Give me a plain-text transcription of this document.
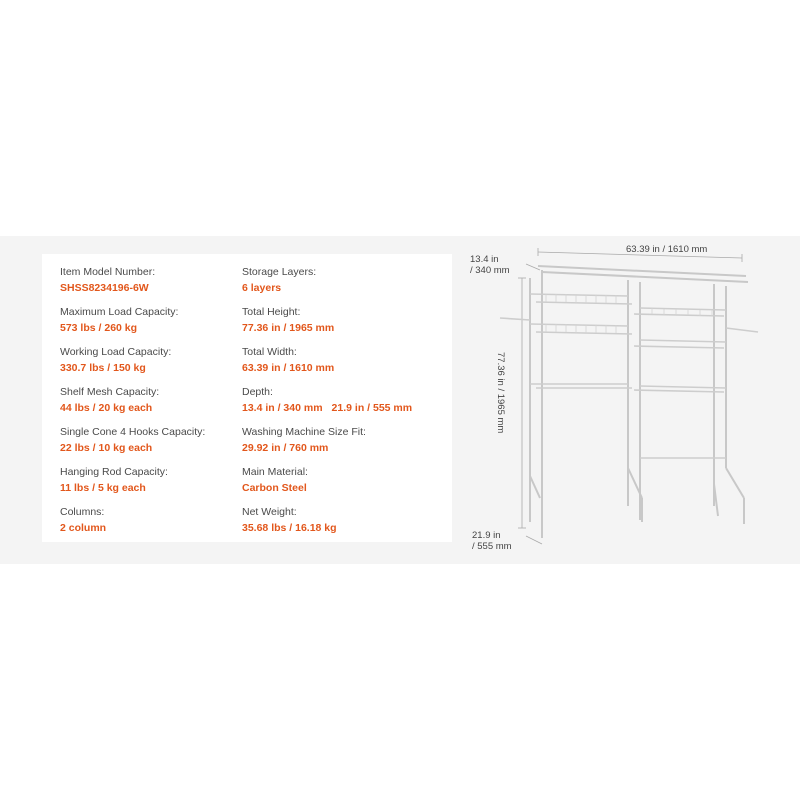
Item Model Number:
SHSS8234196-6W
Maximum Load Capacity:
573 lbs / 260 kg
Working Load Capacity:
330.7 lbs / 150 kg
Shelf Mesh Capacity:
44 lbs / 20 kg each
Single Cone 4 Hooks Capacity:
22 lbs / 10 kg each
Hanging Rod Capacity:
11 lbs / 5 kg each
Columns:
2 column
Storage Layers:
6 layers
Total Height:
77.36 in / 1965 mm
Total Width:
63.39 in / 1610 mm
Depth:
13.4 in / 340 mm 21.9 in / 555 mm
Washing Machine Size Fit:
29.92 in / 760 mm
Main Material:
Carbon Steel
Net Weight:
35.68 lbs / 16.18 kg
63.39 in / 1610 mm
13.4 in
/ 340 mm
77.36 in / 1965 mm
21.9 in
/ 555 mm
